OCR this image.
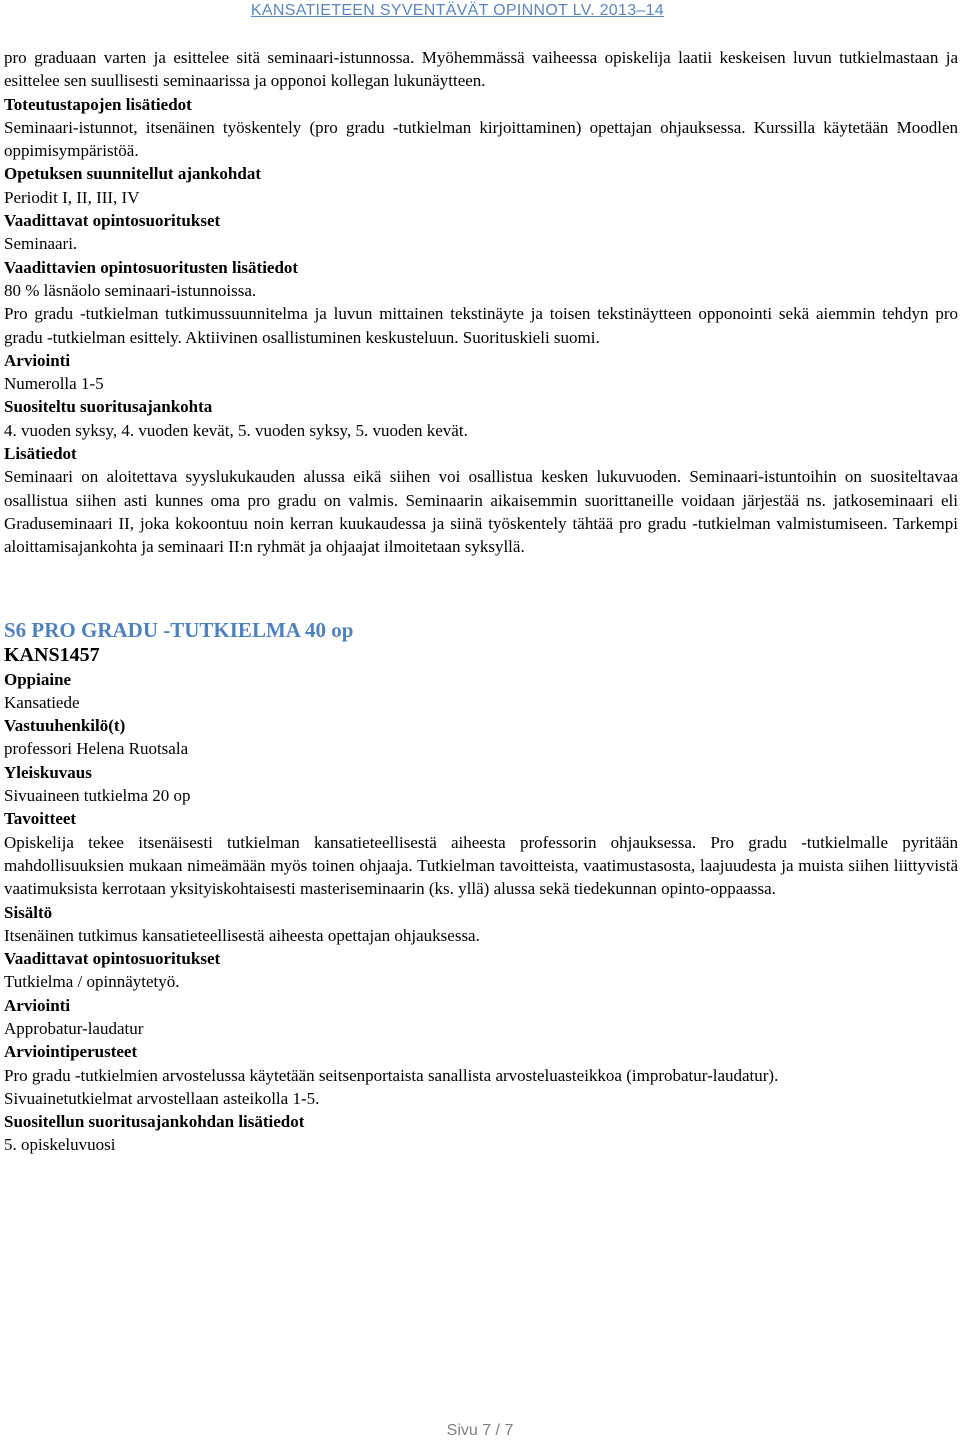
KANSATIETEEN SYVENTÄVÄT OPINNOT LV. 2013–14

pro graduaan varten ja esittelee sitä seminaari-istunnossa. Myöhemmässä vaiheessa opiskelija laatii keskeisen luvun tutkielmastaan ja esittelee sen suullisesti seminaarissa ja opponoi kollegan lukunäytteen.

Toteutustapojen lisätiedot

Seminaari-istunnot, itsenäinen työskentely (pro gradu -tutkielman kirjoittaminen) opettajan ohjauksessa. Kurssilla käytetään Moodlen oppimisympäristöä.

Opetuksen suunnitellut ajankohdat

Periodit I, II, III, IV

Vaadittavat opintosuoritukset

Seminaari.

Vaadittavien opintosuoritusten lisätiedot

80 % läsnäolo seminaari-istunnoissa.

Pro gradu -tutkielman tutkimussuunnitelma ja luvun mittainen tekstinäyte ja toisen tekstinäytteen opponointi sekä aiemmin tehdyn pro gradu -tutkielman esittely. Aktiivinen osallistuminen keskusteluun. Suorituskieli suomi.

Arviointi

Numerolla 1-5

Suositeltu suoritusajankohta

4. vuoden syksy, 4. vuoden kevät, 5. vuoden syksy, 5. vuoden kevät.

Lisätiedot

Seminaari on aloitettava syyslukukauden alussa eikä siihen voi osallistua kesken lukuvuoden. Seminaari-istuntoihin on suositeltavaa osallistua siihen asti kunnes oma pro gradu on valmis. Seminaarin aikaisemmin suorittaneille voidaan järjestää ns. jatkoseminaari eli Graduseminaari II, joka kokoontuu noin kerran kuukaudessa ja siinä työskentely tähtää pro gradu -tutkielman valmistumiseen. Tarkempi aloittamisajankohta ja seminaari II:n ryhmät ja ohjaajat ilmoitetaan syksyllä.

S6 PRO GRADU -TUTKIELMA 40 op

KANS1457

Oppiaine

Kansatiede

Vastuuhenkilö(t)

professori Helena Ruotsala

Yleiskuvaus

Sivuaineen tutkielma 20 op

Tavoitteet

Opiskelija tekee itsenäisesti tutkielman kansatieteellisestä aiheesta professorin ohjauksessa. Pro gradu -tutkielmalle pyritään mahdollisuuksien mukaan nimeämään myös toinen ohjaaja. Tutkielman tavoitteista, vaatimustasosta, laajuudesta ja muista siihen liittyvistä vaatimuksista kerrotaan yksityiskohtaisesti masteriseminaarin (ks. yllä) alussa sekä tiedekunnan opinto-oppaassa.

Sisältö

Itsenäinen tutkimus kansatieteellisestä aiheesta opettajan ohjauksessa.

Vaadittavat opintosuoritukset

Tutkielma / opinnäytetyö.

Arviointi

Approbatur-laudatur

Arviointiperusteet

Pro gradu -tutkielmien arvostelussa käytetään seitsenportaista sanallista arvosteluasteikkoa (improbatur-laudatur).

Sivuainetutkielmat arvostellaan asteikolla 1-5.

Suositellun suoritusajankohdan lisätiedot

5. opiskeluvuosi

Sivu 7 / 7
